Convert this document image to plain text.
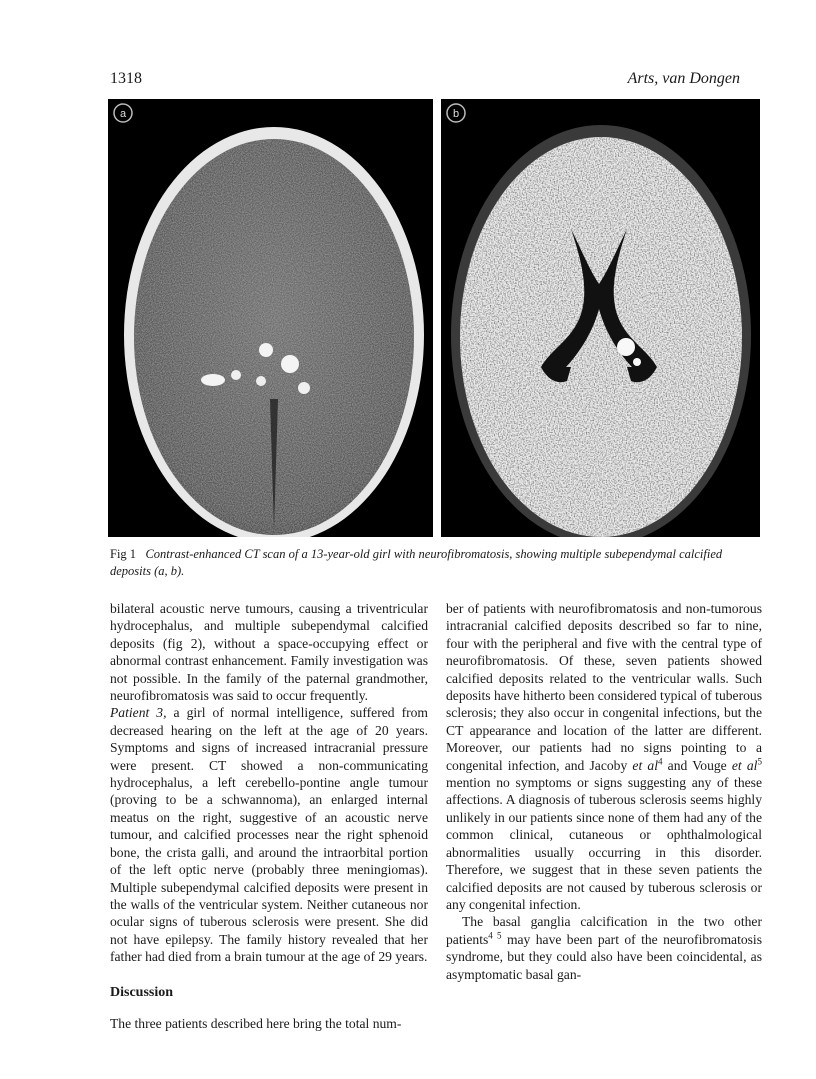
1318	Arts, van Dongen
a	b
Fig 1 Contrast-enhanced CT scan of a 13-year-old girl with neurofibromatosis, showing multiple subependymal calcified deposits (a, b).

bilateral acoustic nerve tumours, causing a triventricular hydrocephalus, and multiple subependymal calcified deposits (fig 2), without a space-occupying effect or abnormal contrast enhancement. Family investigation was not possible. In the family of the paternal grandmother, neurofibromatosis was said to occur frequently.

Patient 3, a girl of normal intelligence, suffered from decreased hearing on the left at the age of 20 years. Symptoms and signs of increased intracranial pressure were present. CT showed a non-communicating hydrocephalus, a left cerebello-pontine angle tumour (proving to be a schwannoma), an enlarged internal meatus on the right, suggestive of an acoustic nerve tumour, and calcified processes near the right sphenoid bone, the crista galli, and around the intraorbital portion of the left optic nerve (probably three meningiomas). Multiple subependymal calcified deposits were present in the walls of the ventricular system. Neither cutaneous nor ocular signs of tuberous sclerosis were present. She did not have epilepsy. The family history revealed that her father had died from a brain tumour at the age of 29 years.

Discussion

The three patients described here bring the total num-

ber of patients with neurofibromatosis and non-tumorous intracranial calcified deposits described so far to nine, four with the peripheral and five with the central type of neurofibromatosis. Of these, seven patients showed calcified deposits related to the ventricular walls. Such deposits have hitherto been considered typical of tuberous sclerosis; they also occur in congenital infections, but the CT appearance and location of the latter are different. Moreover, our patients had no signs pointing to a congenital infection, and Jacoby et $al^4$ and Vouge et $al^5$ mention no symptoms or signs suggesting any of these affections. A diagnosis of tuberous sclerosis seems highly unlikely in our patients since none of them had any of the common clinical, cutaneous or ophthalmological abnormalities usually occurring in this disorder. Therefore, we suggest that in these seven patients the calcified deposits are not caused by tuberous sclerosis or any congenital infection.

The basal ganglia calcification in the two other patients$^{4 5}$ may have been part of the neurofibromatosis syndrome, but they could also have been coincidental, as asymptomatic basal gan-
